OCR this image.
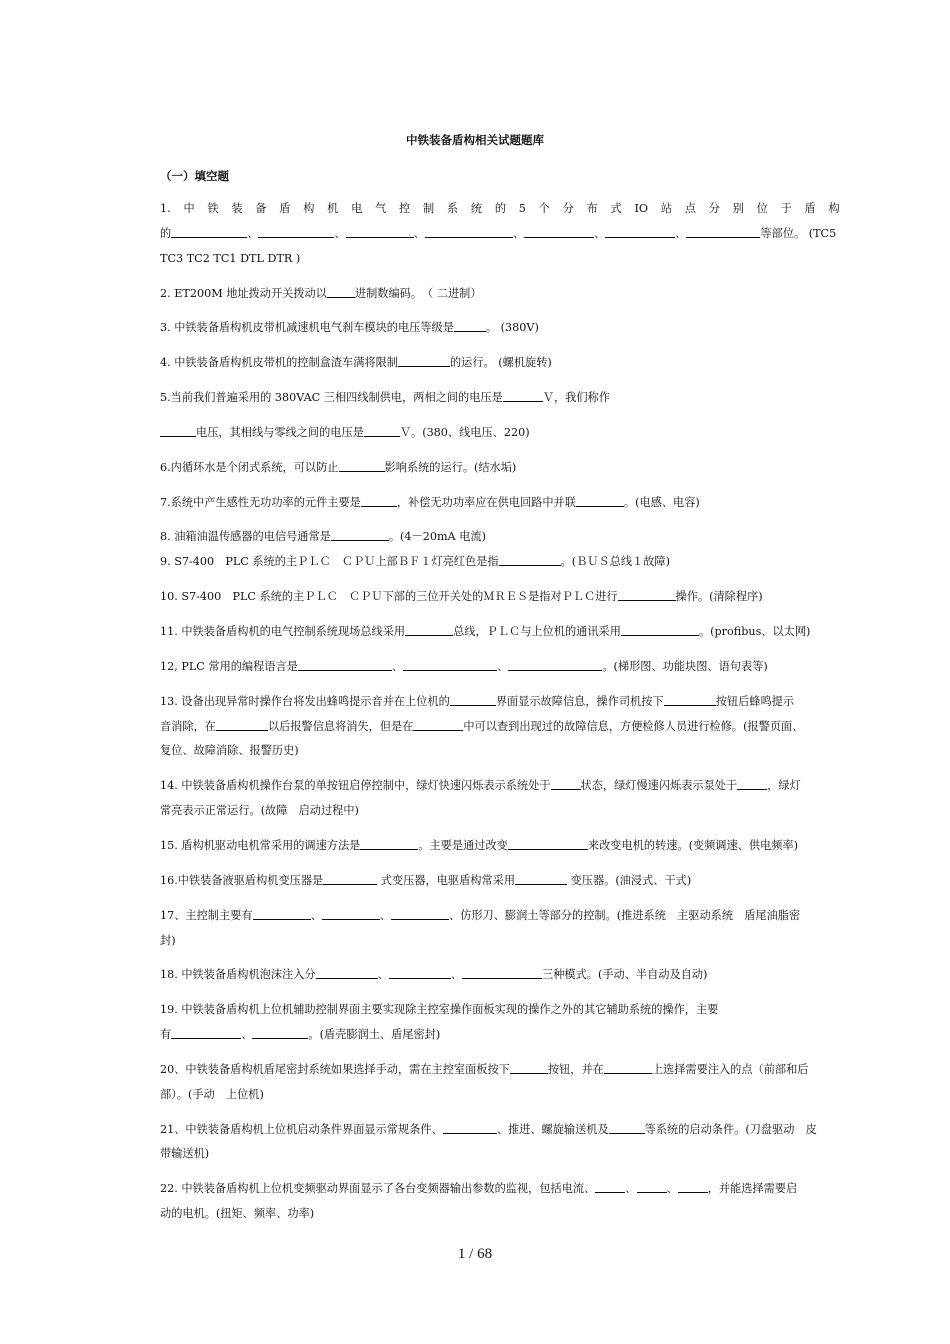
中铁装备盾构相关试题题库
（一）填空题
1. 中 铁 装 备 盾 构 机 电 气 控 制 系 统 的 5 个 分 布 式 IO 站 点 分 别 位 于 盾 构
的	、	、	、	、	、	、	等部位。 (TC5
TC3 TC2 TC1 DTL DTR )
2. ET200M 地址拨动开关拨动以	进制数编码。　（ 二进制）
3. 中铁装备盾构机皮带机减速机电气刹车模块的电压等级是	。 (380V)
4. 中铁装备盾构机皮带机的控制盒渣车满将限制	的运行。 (螺机旋转)
5.当前我们普遍采用的 380VAC 三相四线制供电，两相之间的电压是	Ｖ，我们称作
电压，其相线与零线之间的电压是	Ｖ。(380、线电压、220)
6.内循环水是个闭式系统，可以防止	影响系统的运行。(结水垢)
7.系统中产生感性无功功率的元件主要是	，补偿无功功率应在供电回路中并联	。(电感、电容)
8. 油箱油温传感器的电信号通常是	。(4－20mA 电流)
9. S7-400　PLC 系统的主ＰＬＣ　ＣＰＵ上部ＢＦ１灯亮红色是指	。(ＢＵＳ总线１故障)
10. S7-400　PLC 系统的主ＰＬＣ　ＣＰＵ下部的三位开关处的ＭＲＥＳ是指对ＰＬＣ进行	操作。(清除程序)
11. 中铁装备盾构机的电气控制系统现场总线采用	总线，ＰＬＣ与上位机的通讯采用	。(profibus、以太网)
12, PLC 常用的编程语言是	、	、	。(梯形图、功能块图、语句表等)
13. 设备出现异常时操作台将发出蜂鸣提示音并在上位机的	界面显示故障信息，操作司机按下	按钮后蜂鸣提示
音消除，在	以后报警信息将消失，但是在	中可以查到出现过的故障信息，方便检修人员进行检修。(报警页面、
复位、故障消除、报警历史)
14. 中铁装备盾构机操作台泵的单按钮启停控制中，绿灯快速闪烁表示系统处于	状态，绿灯慢速闪烁表示泵处于	，绿灯
常亮表示正常运行。(故障　启动过程中)
15. 盾构机驱动电机常采用的调速方法是	。主要是通过改变	来改变电机的转速。(变频调速、供电频率)
16.中铁装备液驱盾构机变压器是	式变压器，电驱盾构常采用	变压器。(油浸式、干式)
17、主控制主要有	、	、	、仿形刀、膨润土等部分的控制。(推进系统　主驱动系统　盾尾油脂密
封)
18. 中铁装备盾构机泡沫注入分	、	、	三种模式。(手动、半自动及自动)
19. 中铁装备盾构机上位机辅助控制界面主要实现除主控室操作面板实现的操作之外的其它辅助系统的操作，主要
有	、	。(盾壳膨润土、盾尾密封)
20、中铁装备盾构机盾尾密封系统如果选择手动，需在主控室面板按下	按钮，并在	上选择需要注入的点（前部和后
部）。(手动　上位机)
21、中铁装备盾构机上位机启动条件界面显示常规条件、	、推进、螺旋输送机及	等系统的启动条件。(刀盘驱动　皮
带输送机)
22. 中铁装备盾构机上位机变频驱动界面显示了各台变频器输出参数的监视，包括电流、	、	、	，并能选择需要启
动的电机。(扭矩、频率、功率)
1 / 68
